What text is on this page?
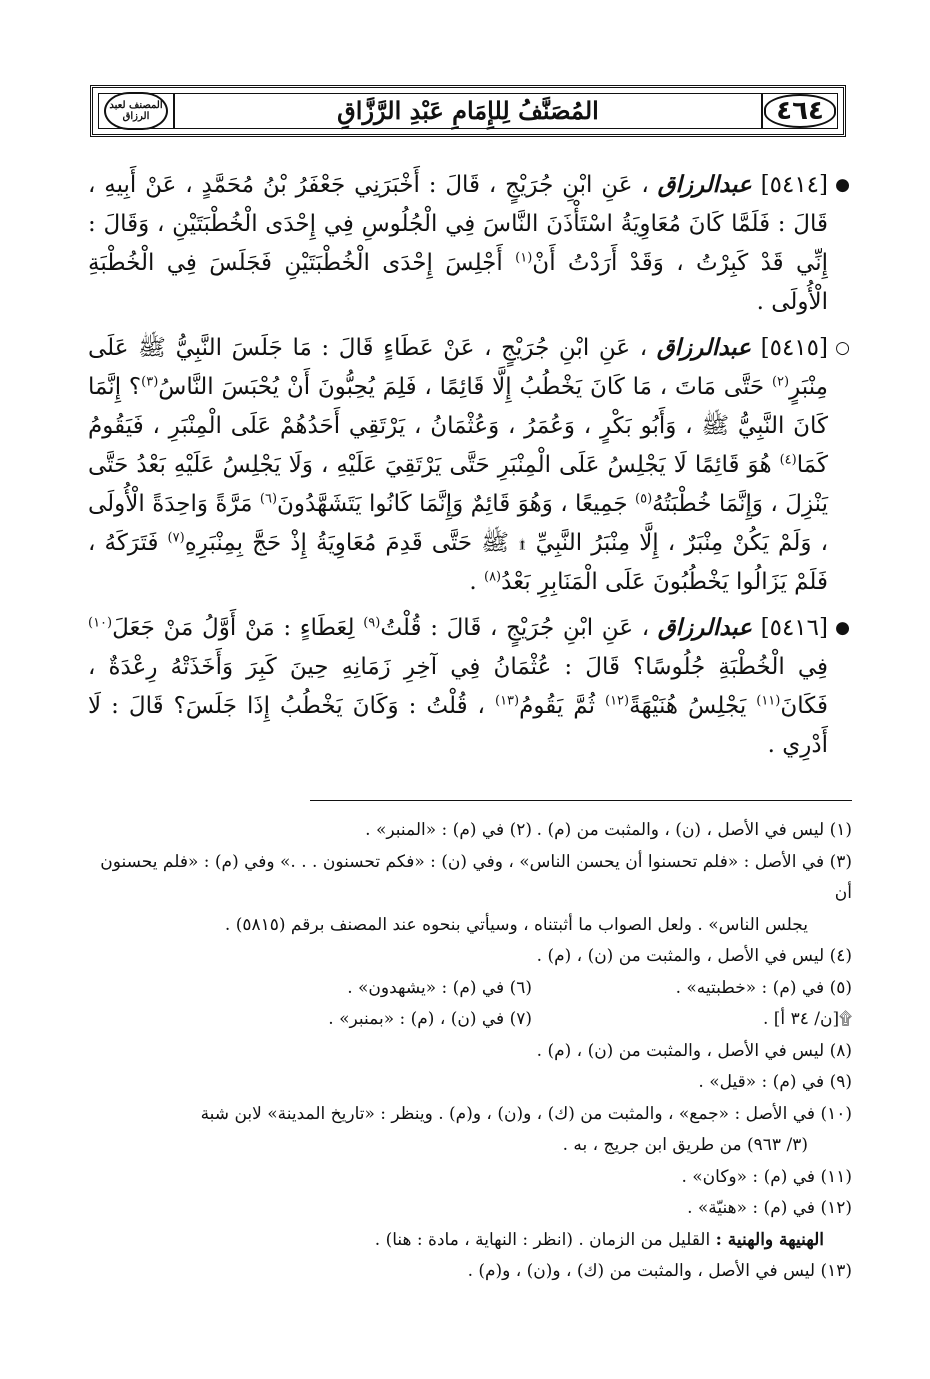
٤٦٤
المُصَنَّفُ لِلإِمَامِ عَبْدِ الرَّزَّاقِ
المصنف لعبد الرزاق

●
[٥٤١٤] عبدالرزاق ، عَنِ ابْنِ جُرَيْجٍ ، قَالَ : أَخْبَرَنِي جَعْفَرُ بْنُ مُحَمَّدٍ ، عَنْ أَبِيهِ ، قَالَ : فَلَمَّا كَانَ مُعَاوِيَةُ اسْتَأْذَنَ النَّاسَ فِي الْجُلُوسِ فِي إِحْدَى الْخُطْبَتَيْنِ ، وَقَالَ : إِنِّي قَدْ كَبِرْتُ ، وَقَدْ أَرَدْتُ أَنْ$^{(١)}$ أَجْلِسَ إِحْدَى الْخُطْبَتَيْنِ فَجَلَسَ فِي الْخُطْبَةِ الْأُولَى .

○
[٥٤١٥] عبدالرزاق ، عَنِ ابْنِ جُرَيْجٍ ، عَنْ عَطَاءٍ قَالَ : مَا جَلَسَ النَّبِيُّ ﷺ عَلَى مِنْبَرٍ$^{(٢)}$ حَتَّى مَاتَ ، مَا كَانَ يَخْطُبُ إِلَّا قَائِمًا ، فَلِمَ يُحِبُّونَ أَنْ يُحْبَسَ النَّاسُ$^{(٣)}$؟ إِنَّمَا كَانَ النَّبِيُّ ﷺ ، وَأَبُو بَكْرٍ ، وَعُمَرُ ، وَعُثْمَانُ ، يَرْتَقِي أَحَدُهُمْ عَلَى الْمِنْبَرِ ، فَيَقُومُ كَمَا$^{(٤)}$ هُوَ قَائِمًا لَا يَجْلِسُ عَلَى الْمِنْبَرِ حَتَّى يَرْتَقِيَ عَلَيْهِ ، وَلَا يَجْلِسُ عَلَيْهِ بَعْدُ حَتَّى يَنْزِلَ ، وَإِنَّمَا خُطْبَتُهُ$^{(٥)}$ جَمِيعًا ، وَهُوَ قَائِمٌ وَإِنَّمَا كَانُوا يَتَشَهَّدُونَ$^{(٦)}$ مَرَّةً وَاحِدَةً الْأُولَى ، وَلَمْ يَكُنْ مِنْبَرٌ ، إِلَّا مِنْبَرُ النَّبِيِّ ۩ ﷺ حَتَّى قَدِمَ مُعَاوِيَةُ إِذْ حَجَّ بِمِنْبَرِهِ$^{(٧)}$ فَتَرَكَهُ ، فَلَمْ يَزَالُوا يَخْطُبُونَ عَلَى الْمَنَابِرِ بَعْدُ$^{(٨)}$ .

●
[٥٤١٦] عبدالرزاق ، عَنِ ابْنِ جُرَيْجٍ ، قَالَ : قُلْتُ$^{(٩)}$ لِعَطَاءٍ : مَنْ أَوَّلُ مَنْ جَعَلَ$^{(١٠)}$ فِي الْخُطْبَةِ جُلُوسًا؟ قَالَ : عُثْمَانُ فِي آخِرِ زَمَانِهِ حِينَ كَبِرَ وَأَخَذَتْهُ رِعْدَةٌ ، فَكَانَ$^{(١١)}$ يَجْلِسُ هُنَيْهَةً$^{(١٢)}$ ثُمَّ يَقُومُ$^{(١٣)}$ ، قُلْتُ : وَكَانَ يَخْطُبُ إِذَا جَلَسَ؟ قَالَ : لَا أَدْرِي .

(١) ليس في الأصل ، (ن) ، والمثبت من (م) .
(٢) في (م) : «المنبر» .
(٣) في الأصل : «فلم تحسنوا أن يحسن الناس» ، وفي (ن) : «فكم تحسنون . . .» وفي (م) : «فلم يحسنون أن
يجلس الناس» . ولعل الصواب ما أثبتناه ، وسيأتي بنحوه عند المصنف برقم (٥٨١٥) .
(٤) ليس في الأصل ، والمثبت من (ن) ، (م) .
(٥) في (م) : «خطبتيه» .
(٦) في (م) : «يشهدون» .
۩[ن/ ٣٤ أ] .
(٧) في (ن) ، (م) : «بمنبر» .
(٨) ليس في الأصل ، والمثبت من (ن) ، (م) .
(٩) في (م) : «قيل» .
(١٠) في الأصل : «جمع» ، والمثبت من (ك) ، و(ن) ، و(م) . وينظر : «تاريخ المدينة» لابن شبة
(٣/ ٩٦٣) من طريق ابن جريج ، به .
(١١) في (م) : «وكان» .
(١٢) في (م) : «هنيّة» .
الهنيهة والهنية : القليل من الزمان . (انظر : النهاية ، مادة : هنا) .
(١٣) ليس في الأصل ، والمثبت من (ك) ، و(ن) ، و(م) .
